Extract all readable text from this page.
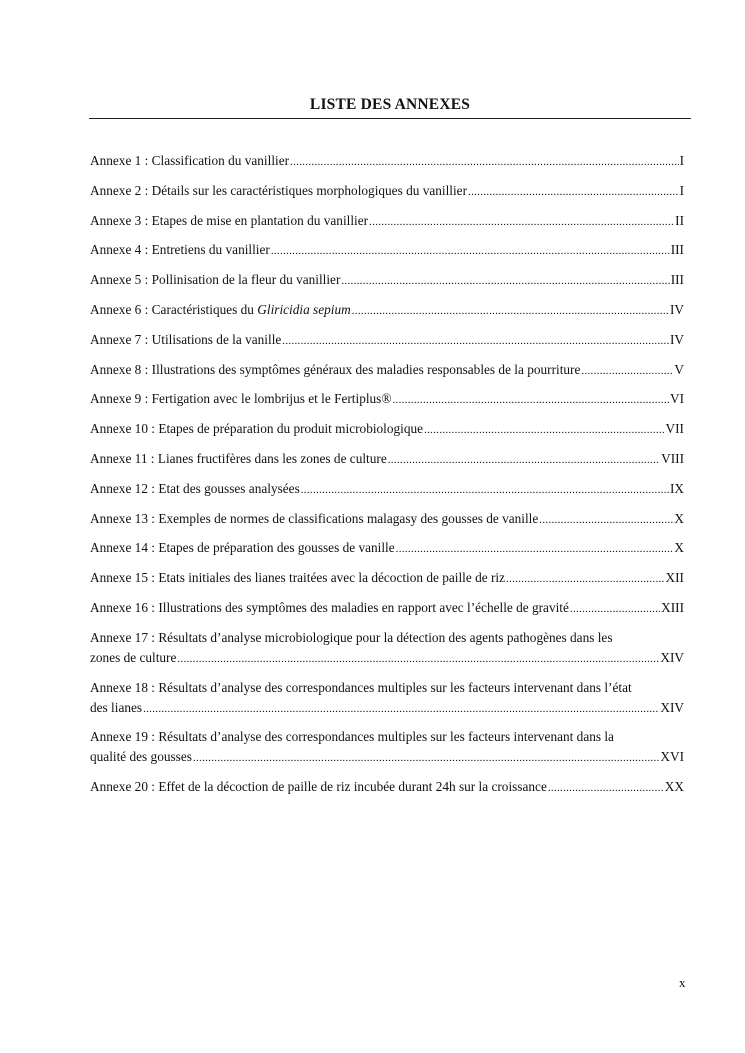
LISTE DES ANNEXES
Annexe 1 : Classification du vanillier .....	I
Annexe 2 : Détails sur les caractéristiques morphologiques du vanillier .....	I
Annexe 3 : Etapes de mise en plantation du vanillier .....	II
Annexe 4 : Entretiens du vanillier .....	III
Annexe 5 : Pollinisation de la fleur du vanillier .....	III
Annexe 6 : Caractéristiques du Gliricidia sepium .....	IV
Annexe 7 : Utilisations de la vanille .....	IV
Annexe 8 : Illustrations des symptômes généraux des maladies responsables de la pourriture .....	V
Annexe 9 : Fertigation avec le lombrijus et le Fertiplus® .....	VI
Annexe 10 : Etapes de préparation du produit microbiologique .....	VII
Annexe 11 : Lianes fructifères dans les zones de culture .....	VIII
Annexe 12 : Etat des gousses analysées .....	IX
Annexe 13 : Exemples de normes de classifications malagasy des gousses de vanille .....	X
Annexe 14 : Etapes de préparation des gousses de vanille .....	X
Annexe 15 : Etats initiales des lianes traitées avec la décoction de paille de riz .....	XII
Annexe 16 : Illustrations des symptômes des maladies en rapport avec l’échelle de gravité .....	XIII
Annexe 17 : Résultats d’analyse microbiologique pour la détection des agents pathogènes dans les
zones de culture .....	XIV
Annexe 18 : Résultats d’analyse des correspondances multiples sur les facteurs intervenant dans l’état
des lianes .....	XIV
Annexe 19 : Résultats d’analyse des correspondances multiples sur les facteurs intervenant dans la
qualité des gousses .....	XVI
Annexe 20 : Effet de la décoction de paille de riz incubée durant 24h sur la croissance .....	XX
x
